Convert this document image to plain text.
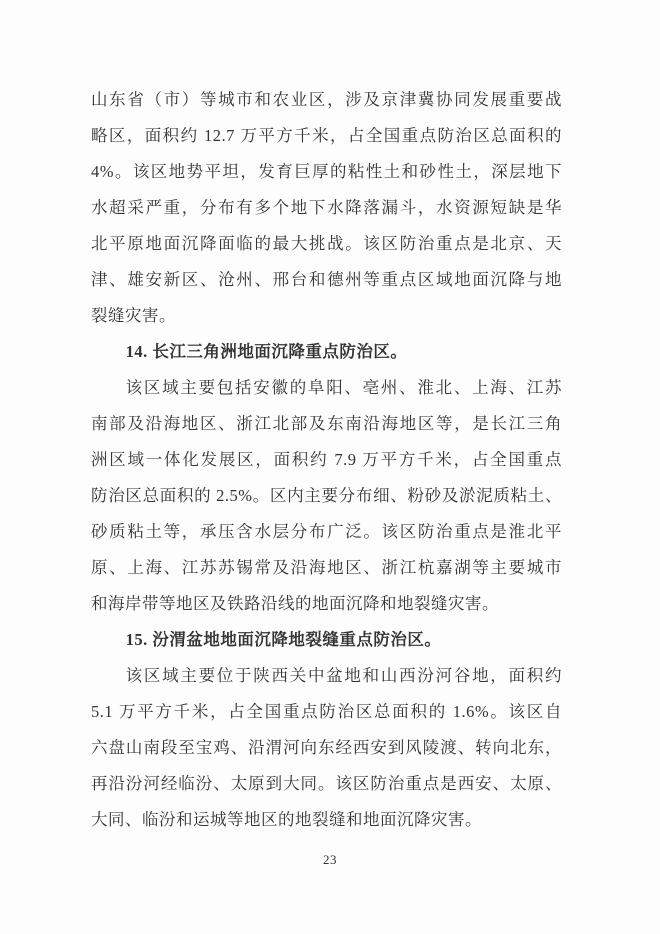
山东省（市）等城市和农业区，涉及京津冀协同发展重要战
略区，面积约 12.7 万平方千米，占全国重点防治区总面积的
4%。该区地势平坦，发育巨厚的粘性土和砂性土，深层地下
水超采严重，分布有多个地下水降落漏斗，水资源短缺是华
北平原地面沉降面临的最大挑战。该区防治重点是北京、天
津、雄安新区、沧州、邢台和德州等重点区域地面沉降与地
裂缝灾害。
14. 长江三角洲地面沉降重点防治区。
该区域主要包括安徽的阜阳、亳州、淮北、上海、江苏
南部及沿海地区、浙江北部及东南沿海地区等，是长江三角
洲区域一体化发展区，面积约 7.9 万平方千米，占全国重点
防治区总面积的 2.5%。区内主要分布细、粉砂及淤泥质粘土、
砂质粘土等，承压含水层分布广泛。该区防治重点是淮北平
原、上海、江苏苏锡常及沿海地区、浙江杭嘉湖等主要城市
和海岸带等地区及铁路沿线的地面沉降和地裂缝灾害。
15. 汾渭盆地地面沉降地裂缝重点防治区。
该区域主要位于陕西关中盆地和山西汾河谷地，面积约
5.1 万平方千米，占全国重点防治区总面积的 1.6%。该区自
六盘山南段至宝鸡、沿渭河向东经西安到风陵渡、转向北东，
再沿汾河经临汾、太原到大同。该区防治重点是西安、太原、
大同、临汾和运城等地区的地裂缝和地面沉降灾害。
23
